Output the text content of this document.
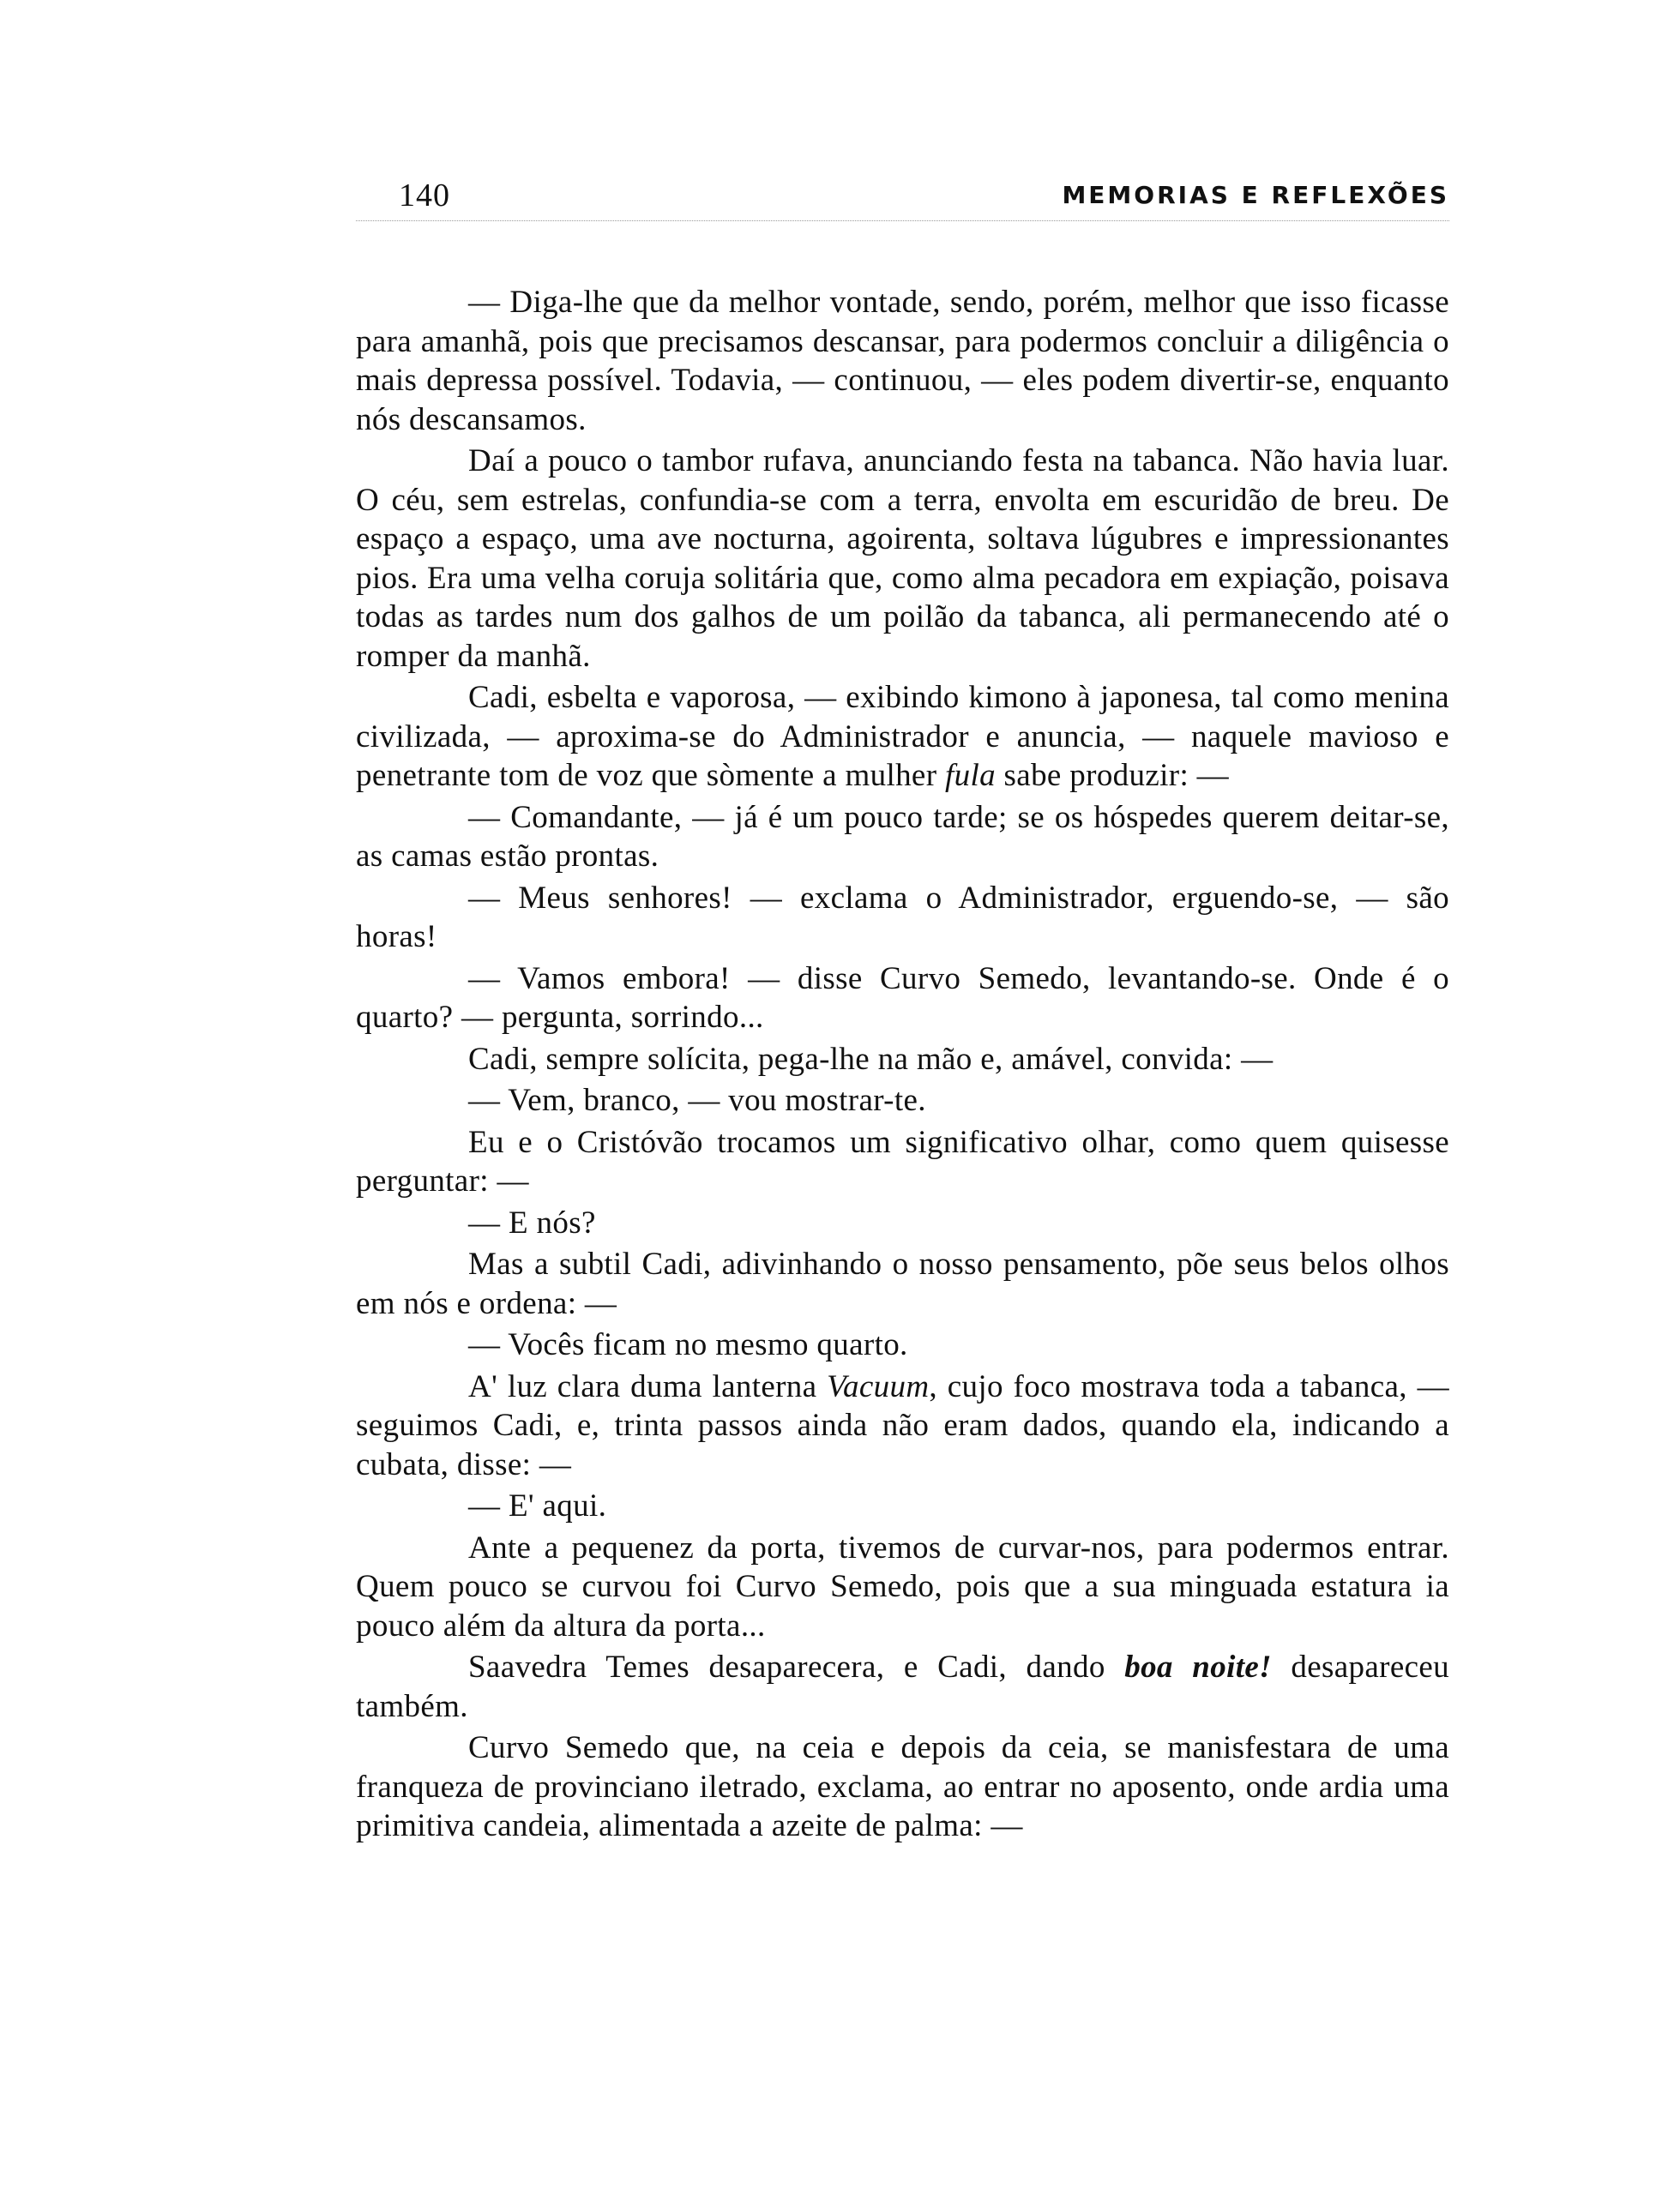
140	MEMORIAS E REFLEXÕES

— Diga-lhe que da melhor vontade, sendo, porém, melhor que isso ficasse para amanhã, pois que precisamos descansar, para podermos concluir a diligência o mais depressa possível. Todavia, — continuou, — eles podem divertir-se, enquanto nós descansamos.

Daí a pouco o tambor rufava, anunciando festa na tabanca. Não havia luar. O céu, sem estrelas, confundia-se com a terra, envolta em escuridão de breu. De espaço a espaço, uma ave nocturna, agoirenta, soltava lúgubres e impressionantes pios. Era uma velha coruja solitária que, como alma pecadora em expiação, poisava todas as tardes num dos galhos de um poilão da tabanca, ali permanecendo até o romper da manhã.

Cadi, esbelta e vaporosa, — exibindo kimono à japonesa, tal como menina civilizada, — aproxima-se do Administrador e anuncia, — naquele mavioso e penetrante tom de voz que sòmente a mulher fula sabe produzir: —

— Comandante, — já é um pouco tarde; se os hóspedes querem deitar-se, as camas estão prontas.

— Meus senhores! — exclama o Administrador, erguendo-se, — são horas!

— Vamos embora! — disse Curvo Semedo, levantando-se. Onde é o quarto? — pergunta, sorrindo...

Cadi, sempre solícita, pega-lhe na mão e, amável, convida: —

— Vem, branco, — vou mostrar-te.

Eu e o Cristóvão trocamos um significativo olhar, como quem quisesse perguntar: —

— E nós?

Mas a subtil Cadi, adivinhando o nosso pensamento, põe seus belos olhos em nós e ordena: —

— Vocês ficam no mesmo quarto.

A' luz clara duma lanterna Vacuum, cujo foco mostrava toda a tabanca, — seguimos Cadi, e, trinta passos ainda não eram dados, quando ela, indicando a cubata, disse: —

— E' aqui.

Ante a pequenez da porta, tivemos de curvar-nos, para podermos entrar. Quem pouco se curvou foi Curvo Semedo, pois que a sua minguada estatura ia pouco além da altura da porta...

Saavedra Temes desaparecera, e Cadi, dando boa noite! desapareceu também.

Curvo Semedo que, na ceia e depois da ceia, se manisfestara de uma franqueza de provinciano iletrado, exclama, ao entrar no aposento, onde ardia uma primitiva candeia, alimentada a azeite de palma: —
